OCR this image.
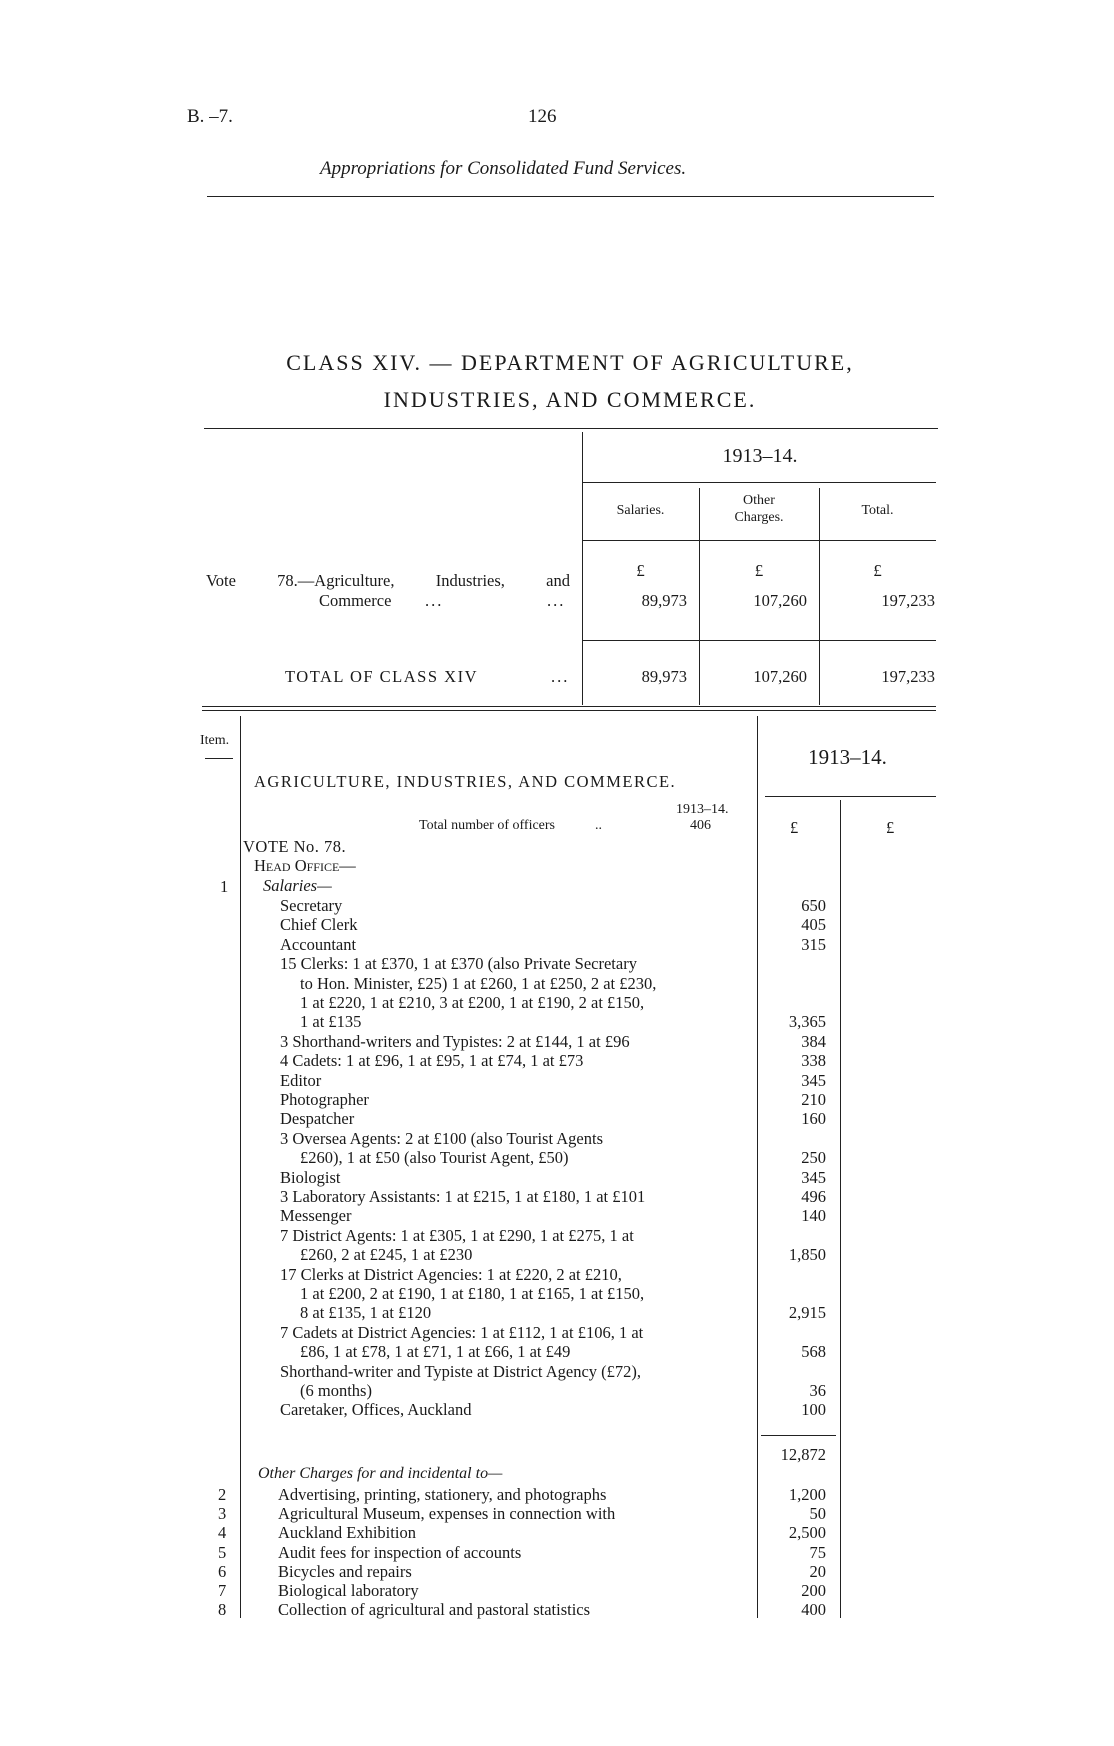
B. –7.	126
Appropriations for Consolidated Fund Services.
CLASS XIV. — DEPARTMENT OF AGRICULTURE,
INDUSTRIES, AND COMMERCE.
1913–14.
Salaries.
Other
Charges.	Total.
£	£	£
Vote 78.—Agriculture, Industries, and
Commerce ...	...	89,973	107,260	197,233
TOTAL OF CLASS XIV	...	89,973	107,260	197,233
Item.
1913–14.
AGRICULTURE, INDUSTRIES, AND COMMERCE.
1913–14.
Total number of officers	..	406	£	£
VOTE No. 78.
Head Office—
1 Salaries—
Secretary	650
Chief Clerk	405
Accountant	315
15 Clerks: 1 at £370, 1 at £370 (also Private Secretary
to Hon. Minister, £25) 1 at £260, 1 at £250, 2 at £230,
1 at £220, 1 at £210, 3 at £200, 1 at £190, 2 at £150,
1 at £135	3,365
3 Shorthand-writers and Typistes: 2 at £144, 1 at £96	384
4 Cadets: 1 at £96, 1 at £95, 1 at £74, 1 at £73	338
Editor	345
Photographer	210
Despatcher	160
3 Oversea Agents: 2 at £100 (also Tourist Agents
£260), 1 at £50 (also Tourist Agent, £50)	250
Biologist	345
3 Laboratory Assistants: 1 at £215, 1 at £180, 1 at £101	496
Messenger	140
7 District Agents: 1 at £305, 1 at £290, 1 at £275, 1 at
£260, 2 at £245, 1 at £230	1,850
17 Clerks at District Agencies: 1 at £220, 2 at £210,
1 at £200, 2 at £190, 1 at £180, 1 at £165, 1 at £150,
8 at £135, 1 at £120	2,915
7 Cadets at District Agencies: 1 at £112, 1 at £106, 1 at
£86, 1 at £78, 1 at £71, 1 at £66, 1 at £49	568
Shorthand-writer and Typiste at District Agency (£72),
(6 months)	36
Caretaker, Offices, Auckland	100
12,872
Other Charges for and incidental to—
2	Advertising, printing, stationery, and photographs	1,200
3	Agricultural Museum, expenses in connection with	50
4	Auckland Exhibition	2,500
5	Audit fees for inspection of accounts	75
6	Bicycles and repairs	20
7	Biological laboratory	200
8	Collection of agricultural and pastoral statistics	400
